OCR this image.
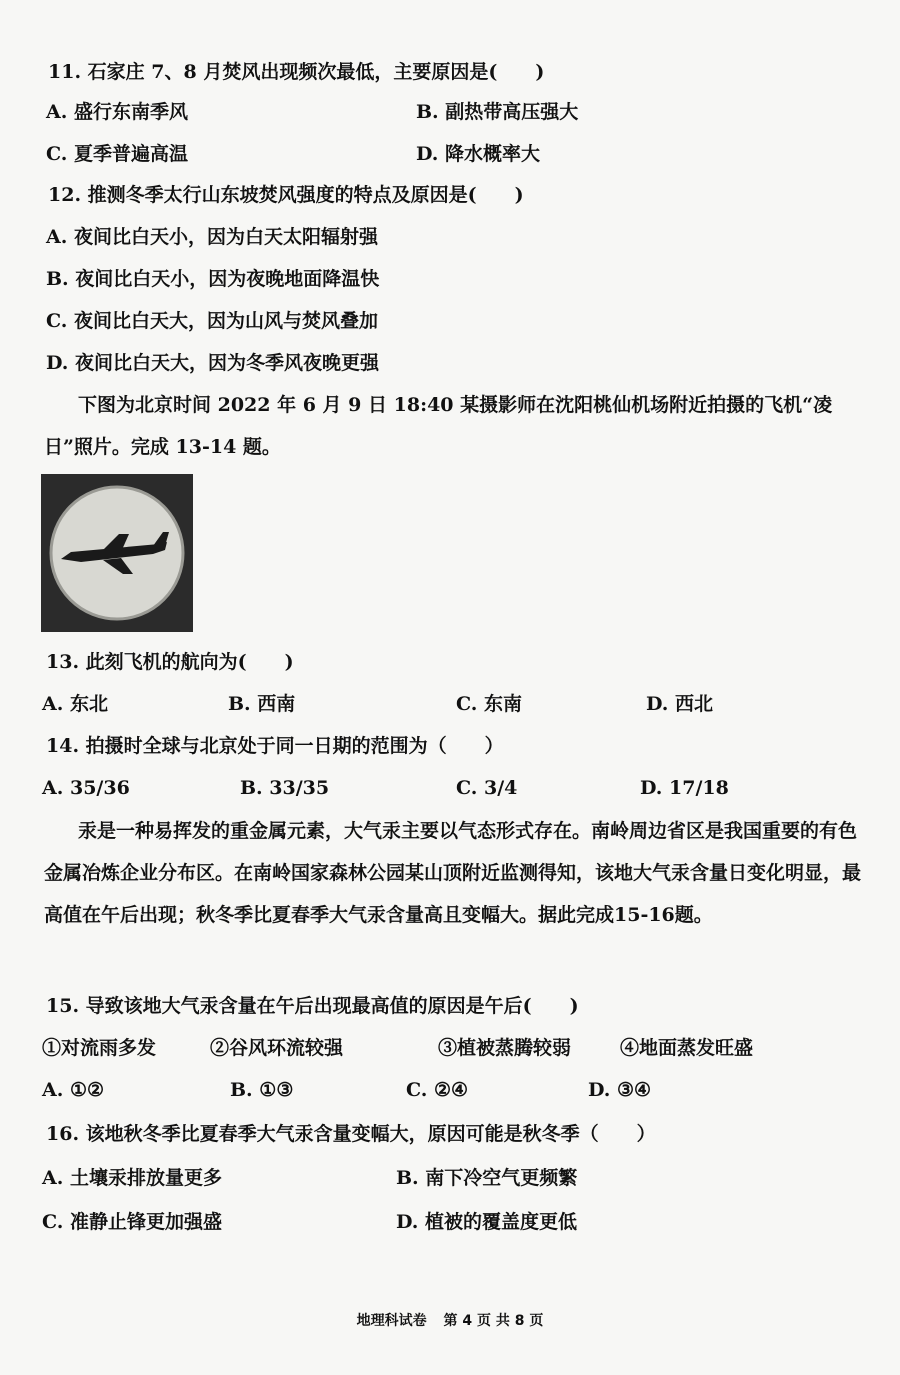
11. 石家庄 7、8 月焚风出现频次最低，主要原因是(　　)
A. 盛行东南季风	B. 副热带高压强大
C. 夏季普遍高温	D. 降水概率大
12. 推测冬季太行山东坡焚风强度的特点及原因是(　　)
A. 夜间比白天小，因为白天太阳辐射强
B. 夜间比白天小，因为夜晚地面降温快
C. 夜间比白天大，因为山风与焚风叠加
D. 夜间比白天大，因为冬季风夜晚更强
下图为北京时间 2022 年 6 月 9 日 18:40 某摄影师在沈阳桃仙机场附近拍摄的飞机“凌日”照片。完成 13-14 题。
13. 此刻飞机的航向为(　　)
A. 东北	B. 西南	C. 东南	D. 西北
14. 拍摄时全球与北京处于同一日期的范围为（　　）
A. 35/36	B. 33/35	C. 3/4	D. 17/18
汞是一种易挥发的重金属元素，大气汞主要以气态形式存在。南岭周边省区是我国重要的有色金属冶炼企业分布区。在南岭国家森林公园某山顶附近监测得知，该地大气汞含量日变化明显，最高值在午后出现；秋冬季比夏春季大气汞含量高且变幅大。据此完成15-16题。
15. 导致该地大气汞含量在午后出现最高值的原因是午后(　　)
①对流雨多发	②谷风环流较强	③植被蒸腾较弱	④地面蒸发旺盛
A. ①②	B. ①③	C. ②④	D. ③④
16. 该地秋冬季比夏春季大气汞含量变幅大，原因可能是秋冬季（　　）
A. 土壤汞排放量更多	B. 南下冷空气更频繁
C. 准静止锋更加强盛	D. 植被的覆盖度更低
地理科试卷 第 4 页 共 8 页
